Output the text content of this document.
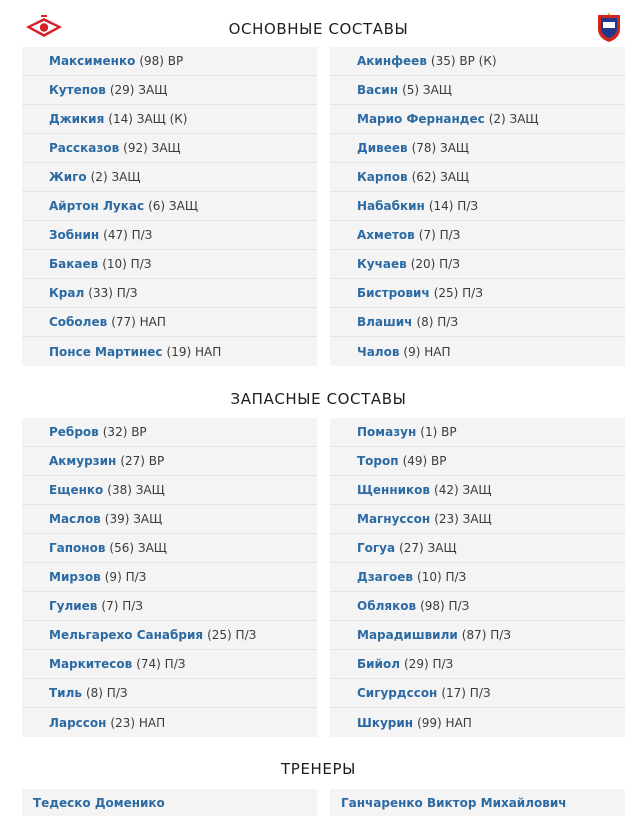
ОСНОВНЫЕ СОСТАВЫ
Максименко (98) ВР
Кутепов (29) ЗАЩ
Джикия (14) ЗАЩ (К)
Рассказов (92) ЗАЩ
Жиго (2) ЗАЩ
Айртон Лукас (6) ЗАЩ
Зобнин (47) П/З
Бакаев (10) П/З
Крал (33) П/З
Соболев (77) НАП
Понсе Мартинес (19) НАП
Акинфеев (35) ВР (К)
Васин (5) ЗАЩ
Марио Фернандес (2) ЗАЩ
Дивеев (78) ЗАЩ
Карпов (62) ЗАЩ
Набабкин (14) П/З
Ахметов (7) П/З
Кучаев (20) П/З
Бистрович (25) П/З
Влашич (8) П/З
Чалов (9) НАП
ЗАПАСНЫЕ СОСТАВЫ
Ребров (32) ВР
Акмурзин (27) ВР
Ещенко (38) ЗАЩ
Маслов (39) ЗАЩ
Гапонов (56) ЗАЩ
Мирзов (9) П/З
Гулиев (7) П/З
Мельгарехо Санабрия (25) П/З
Маркитесов (74) П/З
Тиль (8) П/З
Ларссон (23) НАП
Помазун (1) ВР
Тороп (49) ВР
Щенников (42) ЗАЩ
Магнуссон (23) ЗАЩ
Гогуа (27) ЗАЩ
Дзагоев (10) П/З
Обляков (98) П/З
Марадишвили (87) П/З
Бийол (29) П/З
Сигурдссон (17) П/З
Шкурин (99) НАП
ТРЕНЕРЫ
Тедеско Доменико	Ганчаренко Виктор Михайлович
